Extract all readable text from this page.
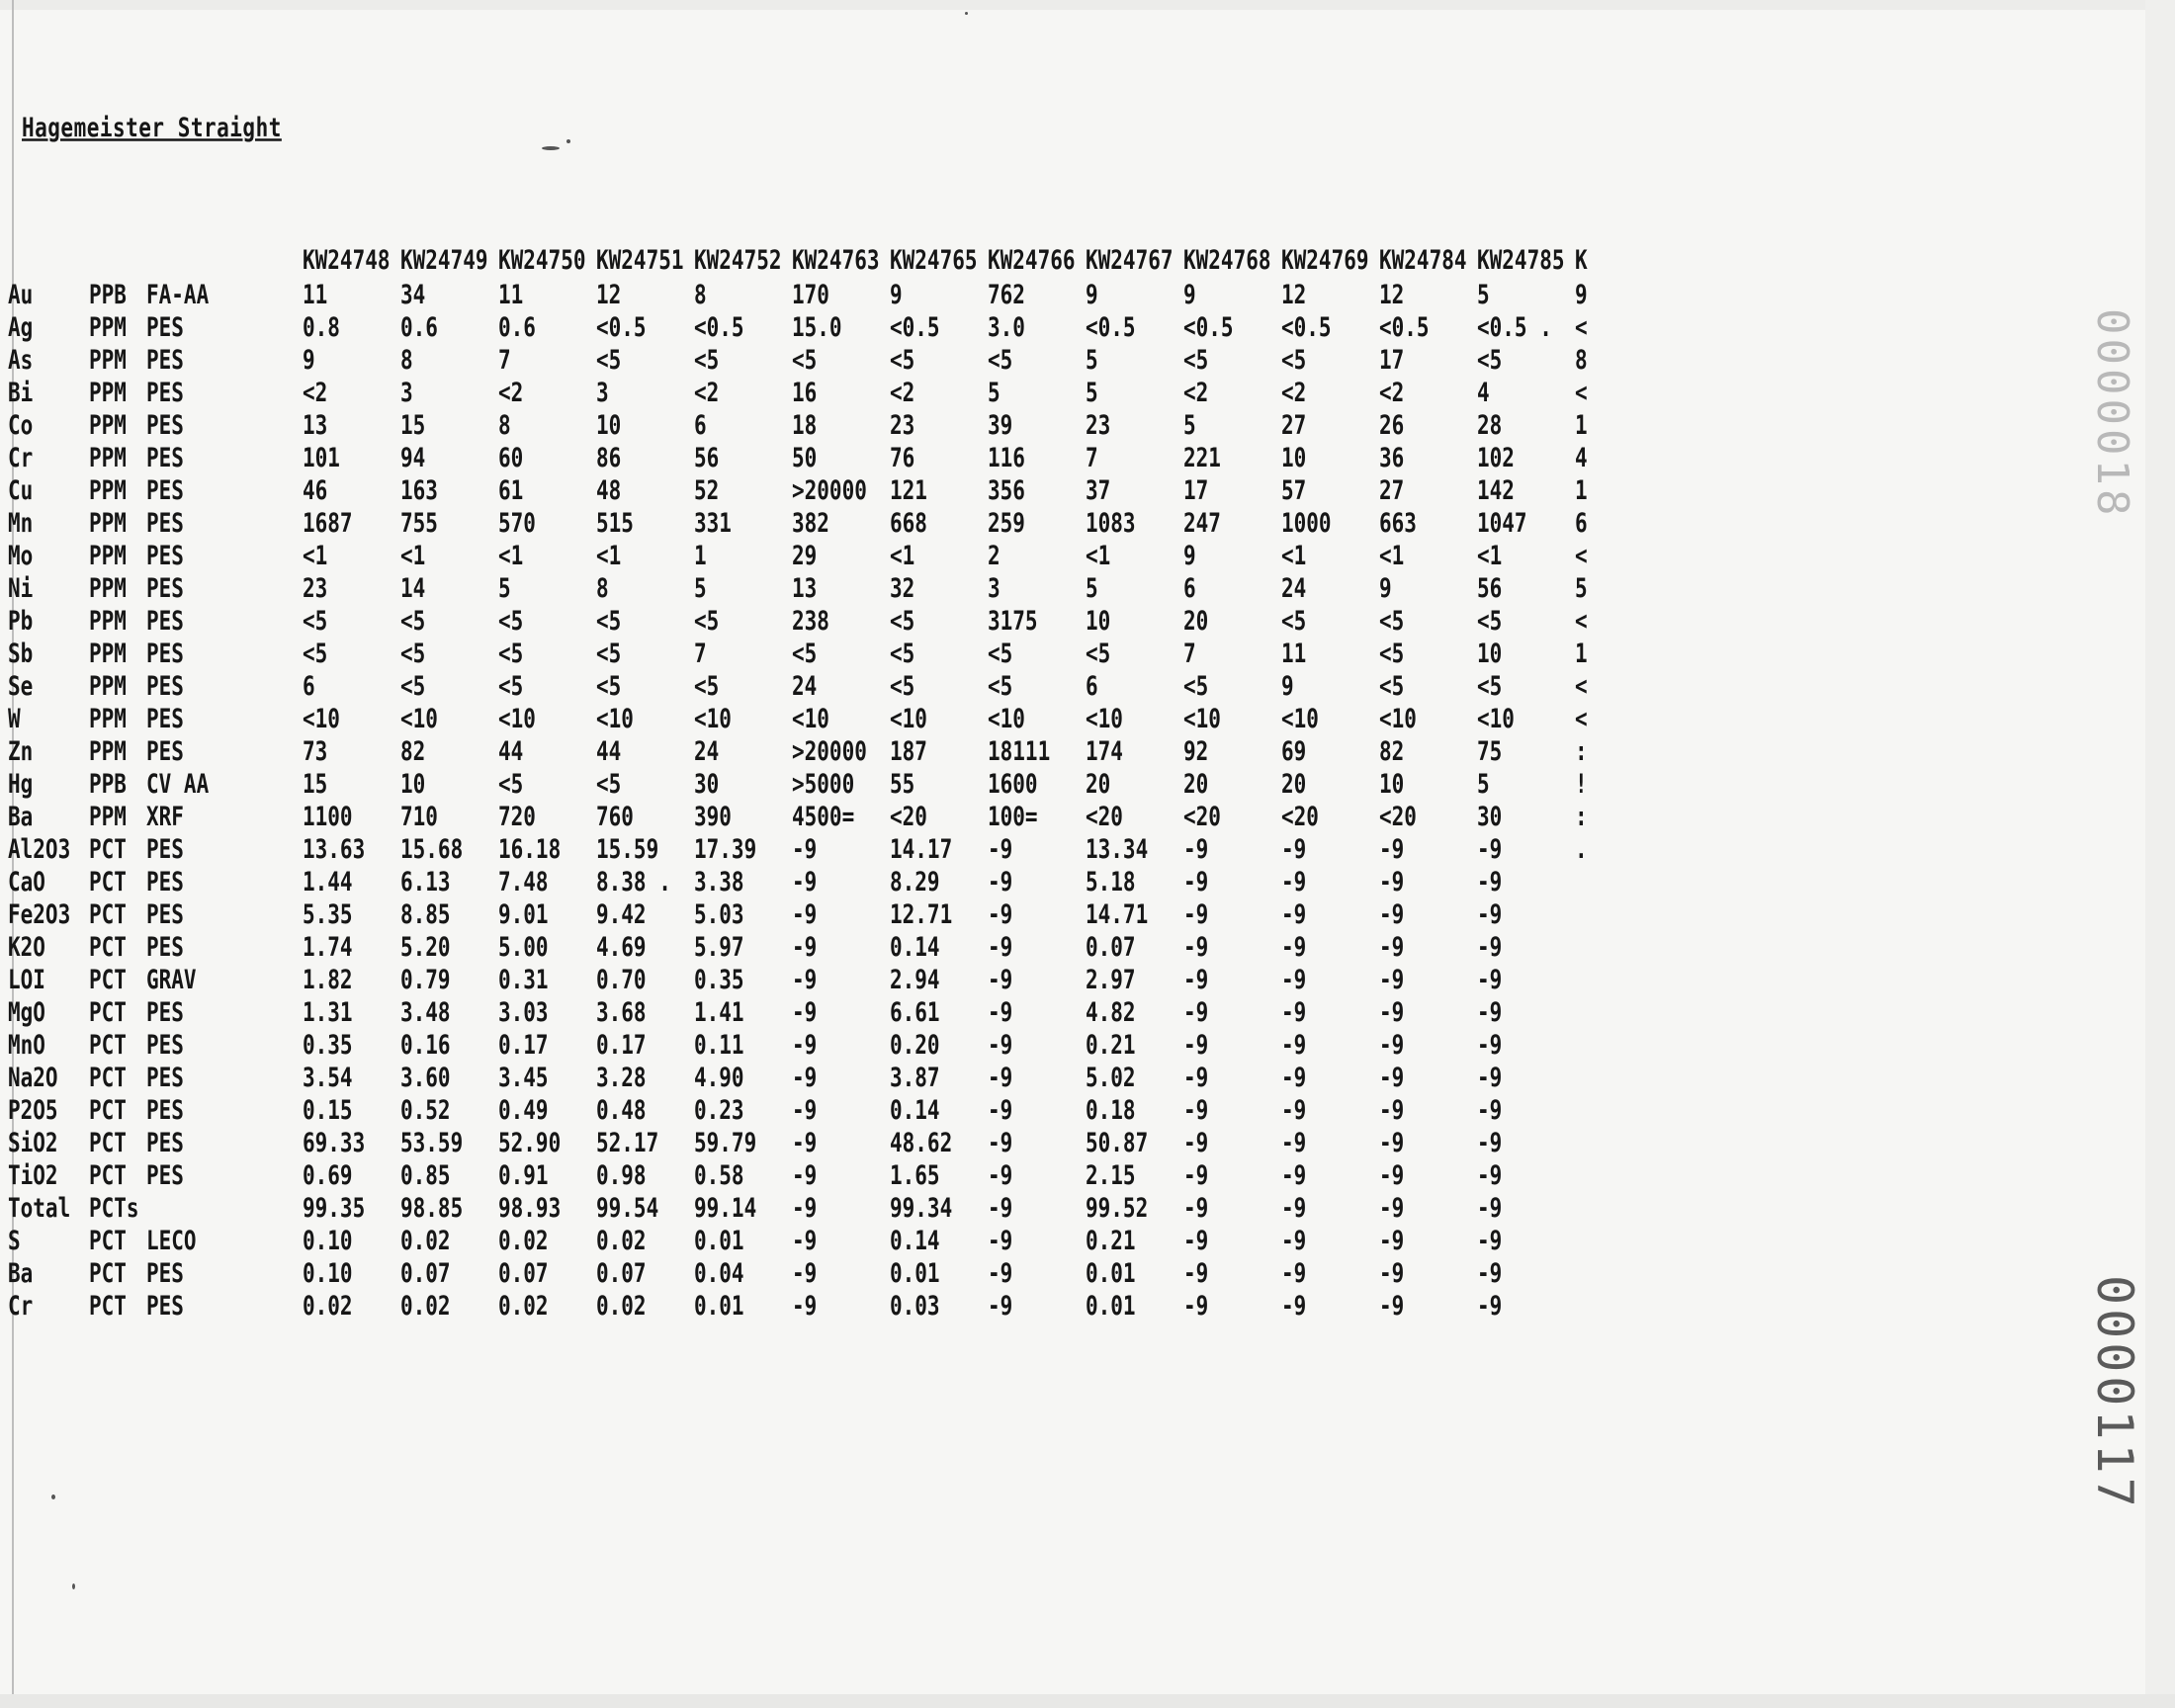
Hagemeister Straight
			KW24748	KW24749	KW24750	KW24751	KW24752	KW24763	KW24765	KW24766	KW24767	KW24768	KW24769	KW24784	KW24785	K
Au	PPB	FA-AA	11	34	11	12	8	170	9	762	9	9	12	12	5	9
Ag	PPM	PES	0.8	0.6	0.6	<0.5	<0.5	15.0	<0.5	3.0	<0.5	<0.5	<0.5	<0.5	<0.5 .	<
As	PPM	PES	9	8	7	<5	<5	<5	<5	<5	5	<5	<5	17	<5	8
Bi	PPM	PES	<2	3	<2	3	<2	16	<2	5	5	<2	<2	<2	4	<
Co	PPM	PES	13	15	8	10	6	18	23	39	23	5	27	26	28	1
Cr	PPM	PES	101	94	60	86	56	50	76	116	7	221	10	36	102	4
Cu	PPM	PES	46	163	61	48	52	>20000	121	356	37	17	57	27	142	1
Mn	PPM	PES	1687	755	570	515	331	382	668	259	1083	247	1000	663	1047	6
Mo	PPM	PES	<1	<1	<1	<1	1	29	<1	2	<1	9	<1	<1	<1	<
Ni	PPM	PES	23	14	5	8	5	13	32	3	5	6	24	9	56	5
Pb	PPM	PES	<5	<5	<5	<5	<5	238	<5	3175	10	20	<5	<5	<5	<
Sb	PPM	PES	<5	<5	<5	<5	7	<5	<5	<5	<5	7	11	<5	10	1
Se	PPM	PES	6	<5	<5	<5	<5	24	<5	<5	6	<5	9	<5	<5	<
W	PPM	PES	<10	<10	<10	<10	<10	<10	<10	<10	<10	<10	<10	<10	<10	<
Zn	PPM	PES	73	82	44	44	24	>20000	187	18111	174	92	69	82	75	:
Hg	PPB	CV AA	15	10	<5	<5	30	>5000	55	1600	20	20	20	10	5	!
Ba	PPM	XRF	1100	710	720	760	390	4500=	<20	100=	<20	<20	<20	<20	30	:
Al2O3	PCT	PES	13.63	15.68	16.18	15.59	17.39	-9	14.17	-9	13.34	-9	-9	-9	-9	.
CaO	PCT	PES	1.44	6.13	7.48	8.38 .	3.38	-9	8.29	-9	5.18	-9	-9	-9	-9	
Fe2O3	PCT	PES	5.35	8.85	9.01	9.42	5.03	-9	12.71	-9	14.71	-9	-9	-9	-9	
K2O	PCT	PES	1.74	5.20	5.00	4.69	5.97	-9	0.14	-9	0.07	-9	-9	-9	-9	
LOI	PCT	GRAV	1.82	0.79	0.31	0.70	0.35	-9	2.94	-9	2.97	-9	-9	-9	-9	
MgO	PCT	PES	1.31	3.48	3.03	3.68	1.41	-9	6.61	-9	4.82	-9	-9	-9	-9	
MnO	PCT	PES	0.35	0.16	0.17	0.17	0.11	-9	0.20	-9	0.21	-9	-9	-9	-9	
Na2O	PCT	PES	3.54	3.60	3.45	3.28	4.90	-9	3.87	-9	5.02	-9	-9	-9	-9	
P2O5	PCT	PES	0.15	0.52	0.49	0.48	0.23	-9	0.14	-9	0.18	-9	-9	-9	-9	
SiO2	PCT	PES	69.33	53.59	52.90	52.17	59.79	-9	48.62	-9	50.87	-9	-9	-9	-9	
TiO2	PCT	PES	0.69	0.85	0.91	0.98	0.58	-9	1.65	-9	2.15	-9	-9	-9	-9	
Total	PCTs		99.35	98.85	98.93	99.54	99.14	-9	99.34	-9	99.52	-9	-9	-9	-9	
S	PCT	LECO	0.10	0.02	0.02	0.02	0.01	-9	0.14	-9	0.21	-9	-9	-9	-9	
Ba	PCT	PES	0.10	0.07	0.07	0.07	0.04	-9	0.01	-9	0.01	-9	-9	-9	-9	
Cr	PCT	PES	0.02	0.02	0.02	0.02	0.01	-9	0.03	-9	0.01	-9	-9	-9	-9	
0000018
0000117
